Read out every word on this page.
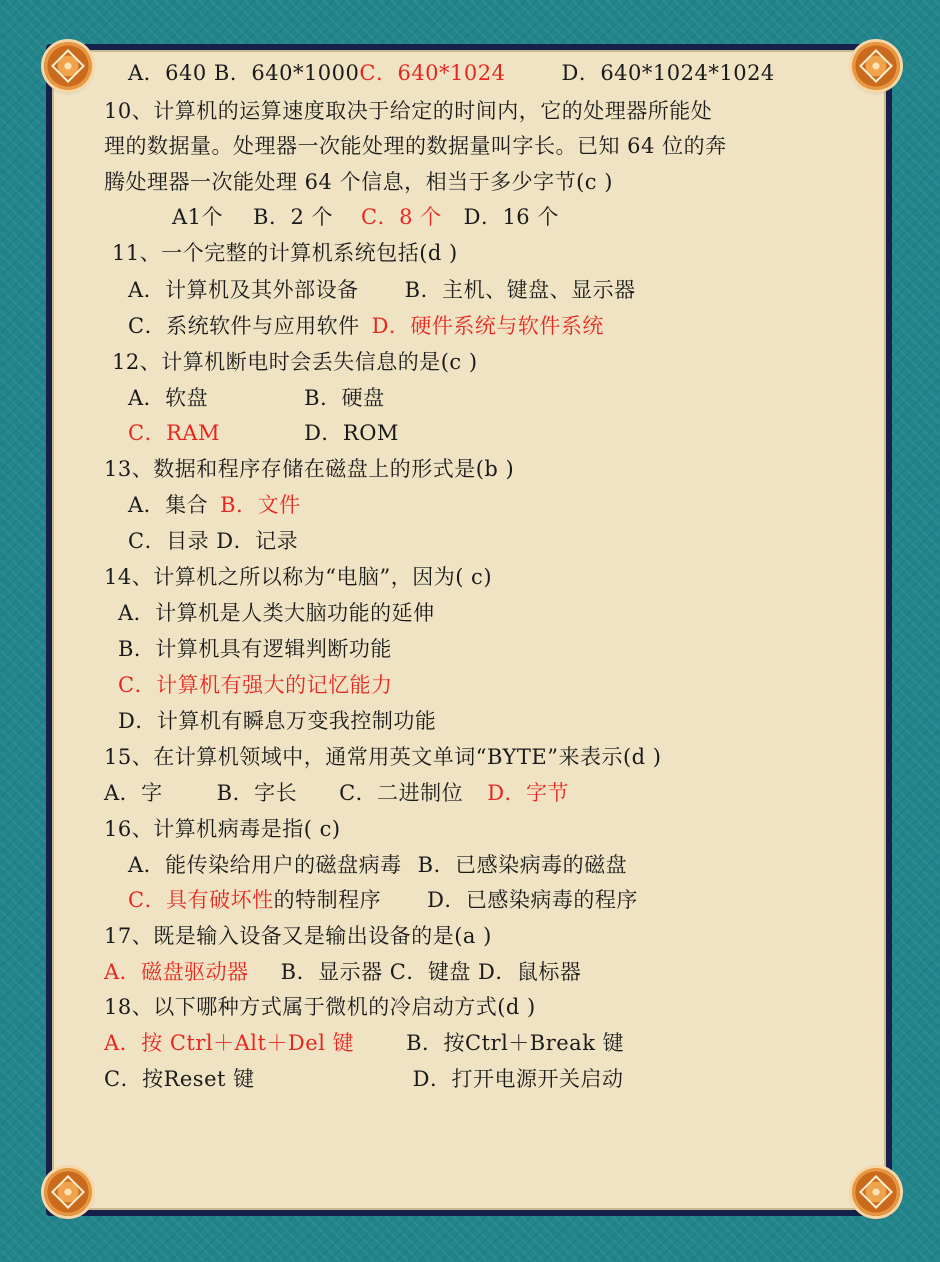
A．640 B．640*1000C．640*1024	D．640*1024*1024
10、计算机的运算速度取决于给定的时间内，它的处理器所能处
理的数据量。处理器一次能处理的数据量叫字长。已知 64 位的奔
腾处理器一次能处理 64 个信息，相当于多少字节(c )
A1个 B．2 个 C．8 个 D．16 个
11、一个完整的计算机系统包括(d )
A．计算机及其外部设备 B．主机、键盘、显示器
C．系统软件与应用软件 D．硬件系统与软件系统
12、计算机断电时会丢失信息的是(c )
A．软盘	B．硬盘
C．RAM	D．ROM
13、数据和程序存储在磁盘上的形式是(b )
A．集合 B．文件
C．目录 D．记录
14、计算机之所以称为“电脑”，因为( c)
A．计算机是人类大脑功能的延伸
B．计算机具有逻辑判断功能
C．计算机有强大的记忆能力
D．计算机有瞬息万变我控制功能
15、在计算机领域中，通常用英文单词“BYTE”来表示(d )
A．字	B．字长 C．二进制位 D．字节
16、计算机病毒是指( c)
A．能传染给用户的磁盘病毒 B．已感染病毒的磁盘
C．具有破坏性的特制程序 D．已感染病毒的程序
17、既是输入设备又是输出设备的是(a )
A．磁盘驱动器 B．显示器 C．键盘 D．鼠标器
18、以下哪种方式属于微机的冷启动方式(d )
A．按 Ctrl＋Alt＋Del 键 B．按Ctrl＋Break 键
C．按Reset 键	D．打开电源开关启动
